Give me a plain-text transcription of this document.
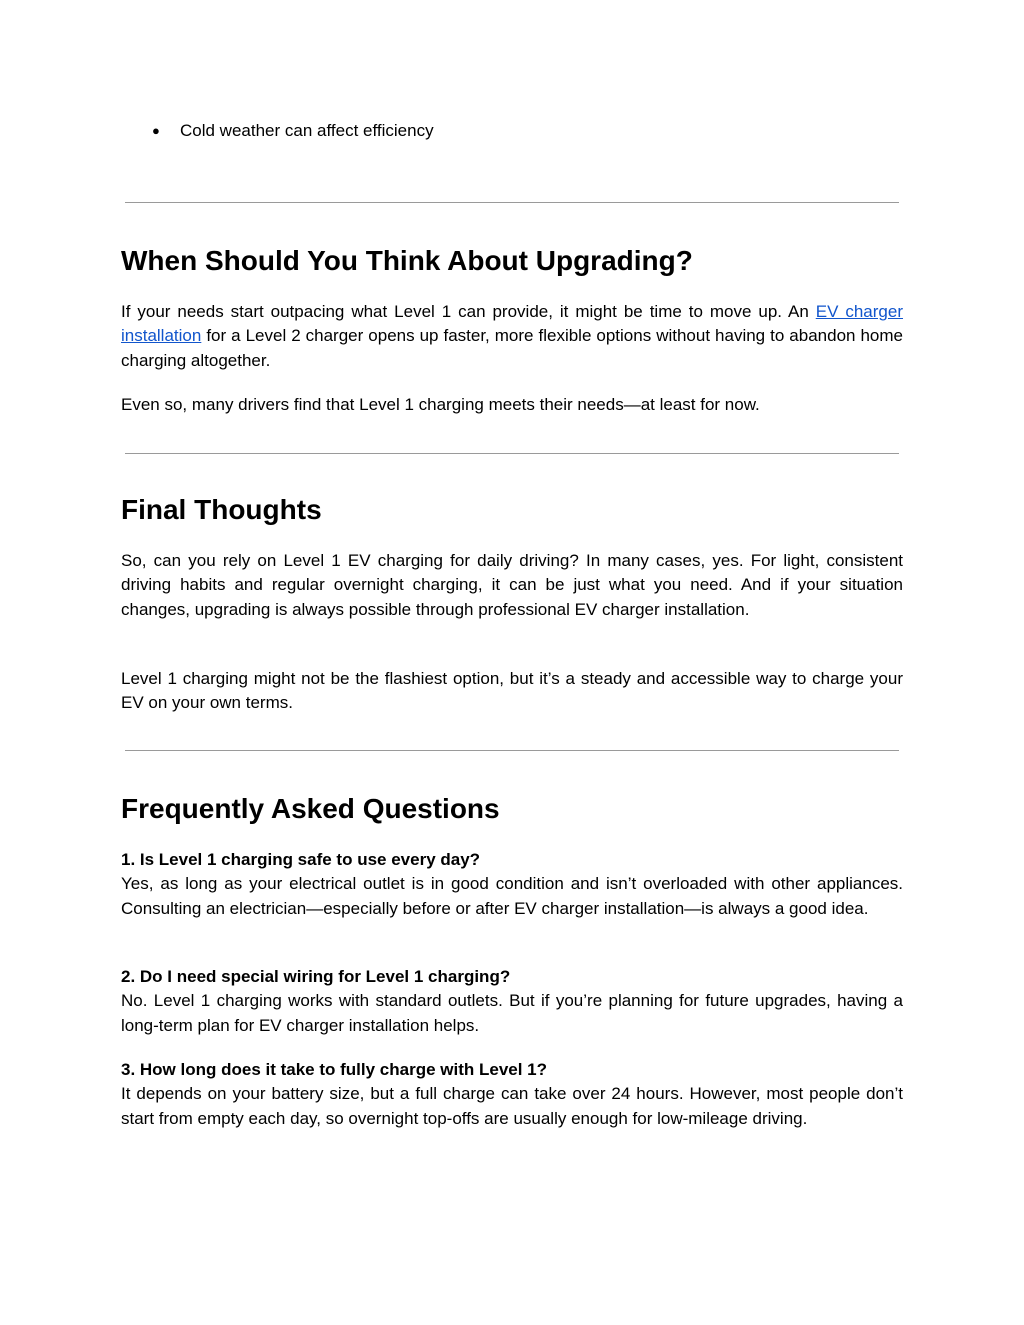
●	Cold weather can affect efficiency
When Should You Think About Upgrading?

If your needs start outpacing what Level 1 can provide, it might be time to move up. An EV charger installation for a Level 2 charger opens up faster, more flexible options without having to abandon home charging altogether.

Even so, many drivers find that Level 1 charging meets their needs—at least for now.

Final Thoughts

So, can you rely on Level 1 EV charging for daily driving? In many cases, yes. For light, consistent driving habits and regular overnight charging, it can be just what you need. And if your situation changes, upgrading is always possible through professional EV charger installation.

Level 1 charging might not be the flashiest option, but it’s a steady and accessible way to charge your EV on your own terms.

Frequently Asked Questions

1. Is Level 1 charging safe to use every day?

Yes, as long as your electrical outlet is in good condition and isn’t overloaded with other appliances. Consulting an electrician—especially before or after EV charger installation—is always a good idea.

2. Do I need special wiring for Level 1 charging?

No. Level 1 charging works with standard outlets. But if you’re planning for future upgrades, having a long-term plan for EV charger installation helps.

3. How long does it take to fully charge with Level 1?

It depends on your battery size, but a full charge can take over 24 hours. However, most people don’t start from empty each day, so overnight top-offs are usually enough for low-mileage driving.
